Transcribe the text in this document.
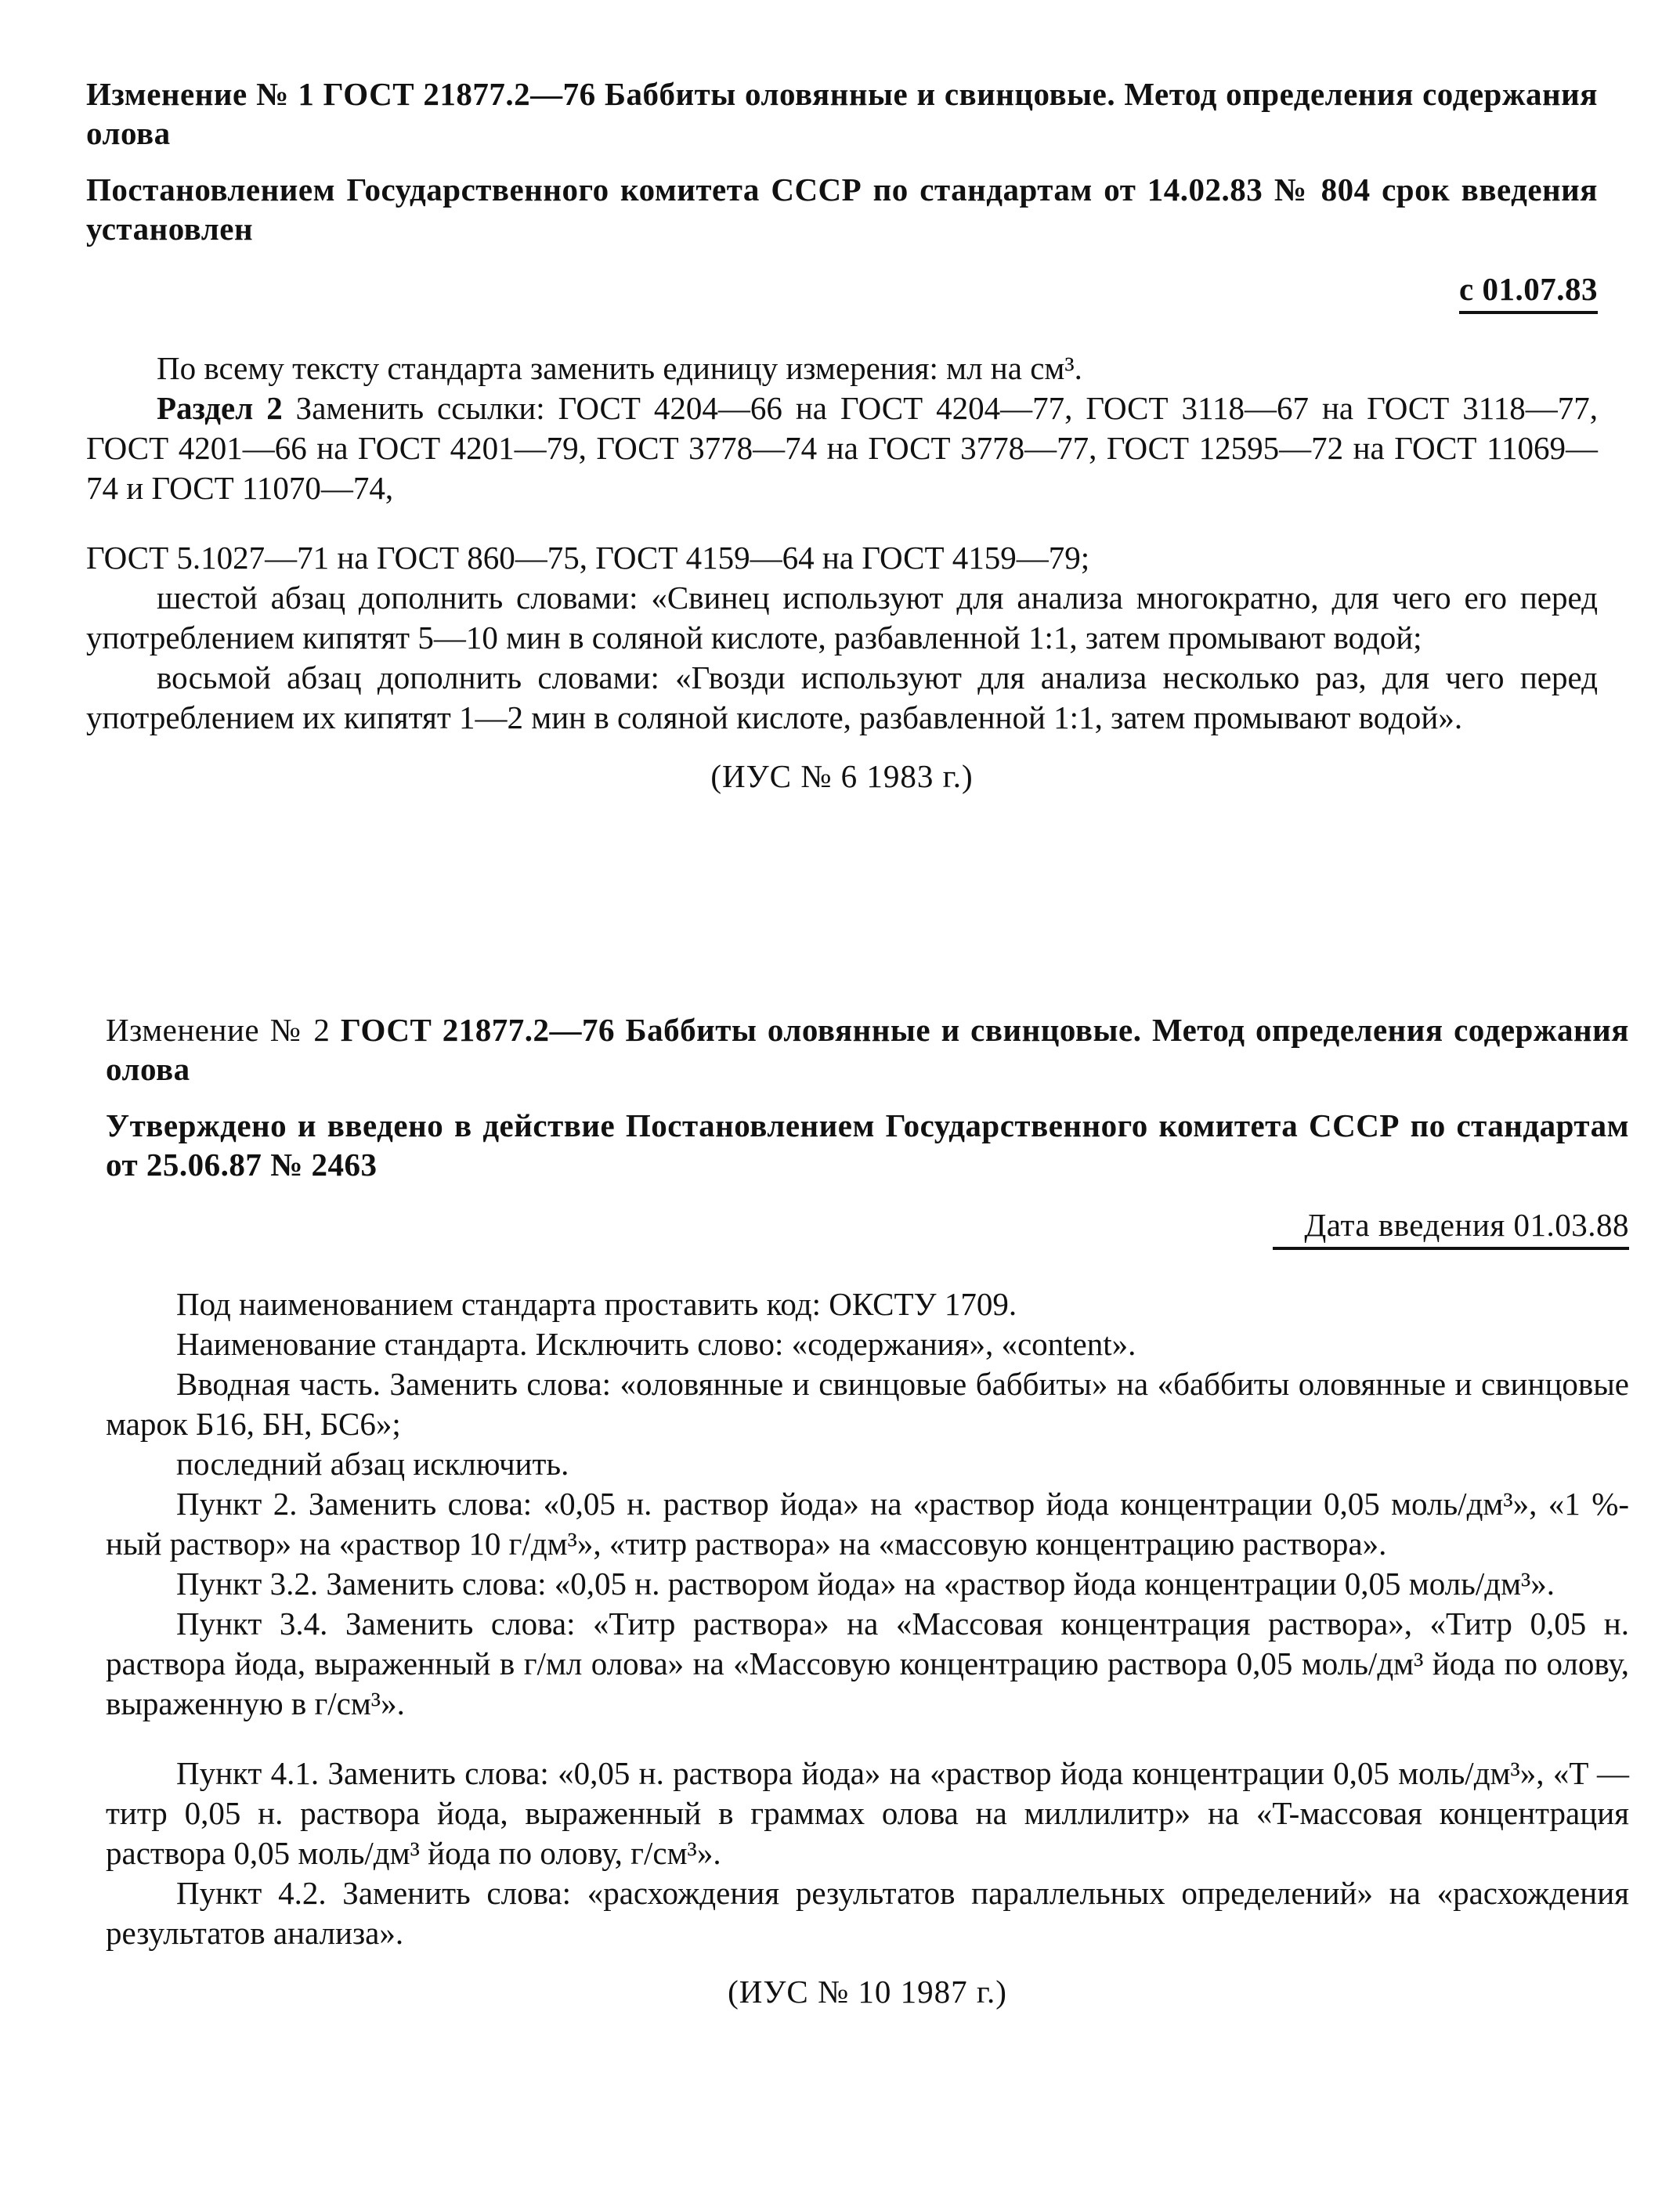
Изменение № 1 ГОСТ 21877.2—76 Баббиты оловянные и свинцовые. Метод определения содержания олова

Постановлением Государственного комитета СССР по стандартам от 14.02.83 № 804 срок введения установлен

с 01.07.83

По всему тексту стандарта заменить единицу измерения: мл на см³.

Раздел 2 Заменить ссылки: ГОСТ 4204—66 на ГОСТ 4204—77, ГОСТ 3118—67 на ГОСТ 3118—77, ГОСТ 4201—66 на ГОСТ 4201—79, ГОСТ 3778—74 на ГОСТ 3778—77, ГОСТ 12595—72 на ГОСТ 11069—74 и ГОСТ 11070—74,

ГОСТ 5.1027—71 на ГОСТ 860—75, ГОСТ 4159—64 на ГОСТ 4159—79;

шестой абзац дополнить словами: «Свинец используют для анализа многократно, для чего его перед употреблением кипятят 5—10 мин в соляной кислоте, разбавленной 1:1, затем промывают водой;

восьмой абзац дополнить словами: «Гвозди используют для анализа несколько раз, для чего перед употреблением их кипятят 1—2 мин в соляной кислоте, разбавленной 1:1, затем промывают водой».

(ИУС № 6 1983 г.)

Изменение № 2 ГОСТ 21877.2—76 Баббиты оловянные и свинцовые. Метод определения содержания олова

Утверждено и введено в действие Постановлением Государственного комитета СССР по стандартам от 25.06.87 № 2463

Дата введения 01.03.88

Под наименованием стандарта проставить код: ОКСТУ 1709.

Наименование стандарта. Исключить слово: «содержания», «content».

Вводная часть. Заменить слова: «оловянные и свинцовые баббиты» на «баббиты оловянные и свинцовые марок Б16, БН, БС6»;

последний абзац исключить.

Пункт 2. Заменить слова: «0,05 н. раствор йода» на «раствор йода концентрации 0,05 моль/дм³», «1 %-ный раствор» на «раствор 10 г/дм³», «титр раствора» на «массовую концентрацию раствора».

Пункт 3.2. Заменить слова: «0,05 н. раствором йода» на «раствор йода концентрации 0,05 моль/дм³».

Пункт 3.4. Заменить слова: «Титр раствора» на «Массовая концентрация раствора», «Титр 0,05 н. раствора йода, выраженный в г/мл олова» на «Массовую концентрацию раствора 0,05 моль/дм³ йода по олову, выраженную в г/см³».

Пункт 4.1. Заменить слова: «0,05 н. раствора йода» на «раствор йода концентрации 0,05 моль/дм³», «T — титр 0,05 н. раствора йода, выраженный в граммах олова на миллилитр» на «T-массовая концентрация раствора 0,05 моль/дм³ йода по олову, г/см³».

Пункт 4.2. Заменить слова: «расхождения результатов параллельных определений» на «расхождения результатов анализа».

(ИУС № 10 1987 г.)
